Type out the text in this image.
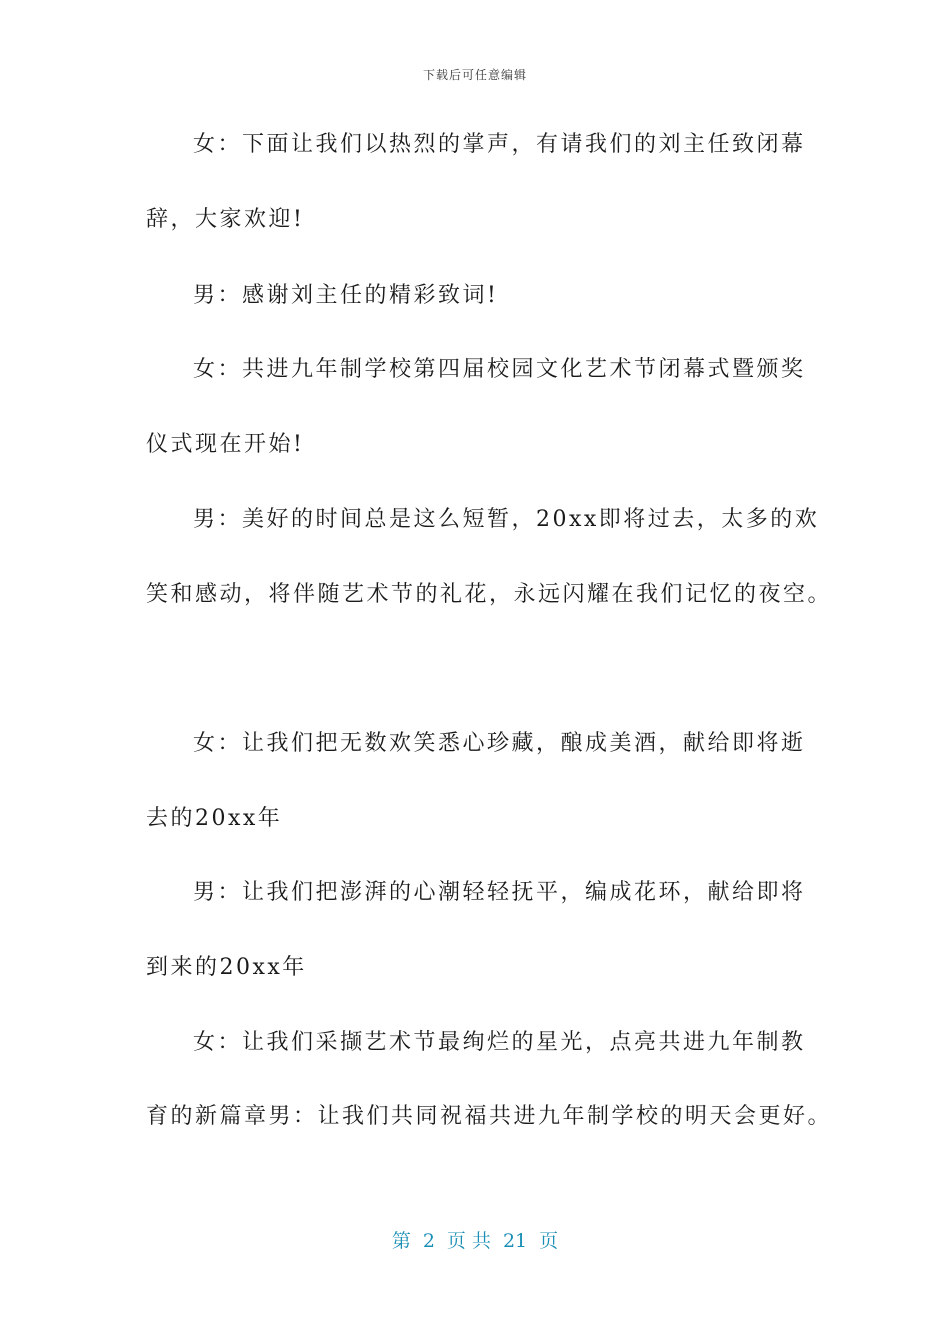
下载后可任意编辑
女：下面让我们以热烈的掌声，有请我们的刘主任致闭幕
辞，大家欢迎!
男：感谢刘主任的精彩致词!
女：共进九年制学校第四届校园文化艺术节闭幕式暨颁奖
仪式现在开始!
男：美好的时间总是这么短暂，20xx即将过去，太多的欢
笑和感动，将伴随艺术节的礼花，永远闪耀在我们记忆的夜空。
女：让我们把无数欢笑悉心珍藏，酿成美酒，献给即将逝
去的20xx年
男：让我们把澎湃的心潮轻轻抚平，编成花环，献给即将
到来的20xx年
女：让我们采撷艺术节最绚烂的星光，点亮共进九年制教
育的新篇章男：让我们共同祝福共进九年制学校的明天会更好。
第 2 页 共 21 页
